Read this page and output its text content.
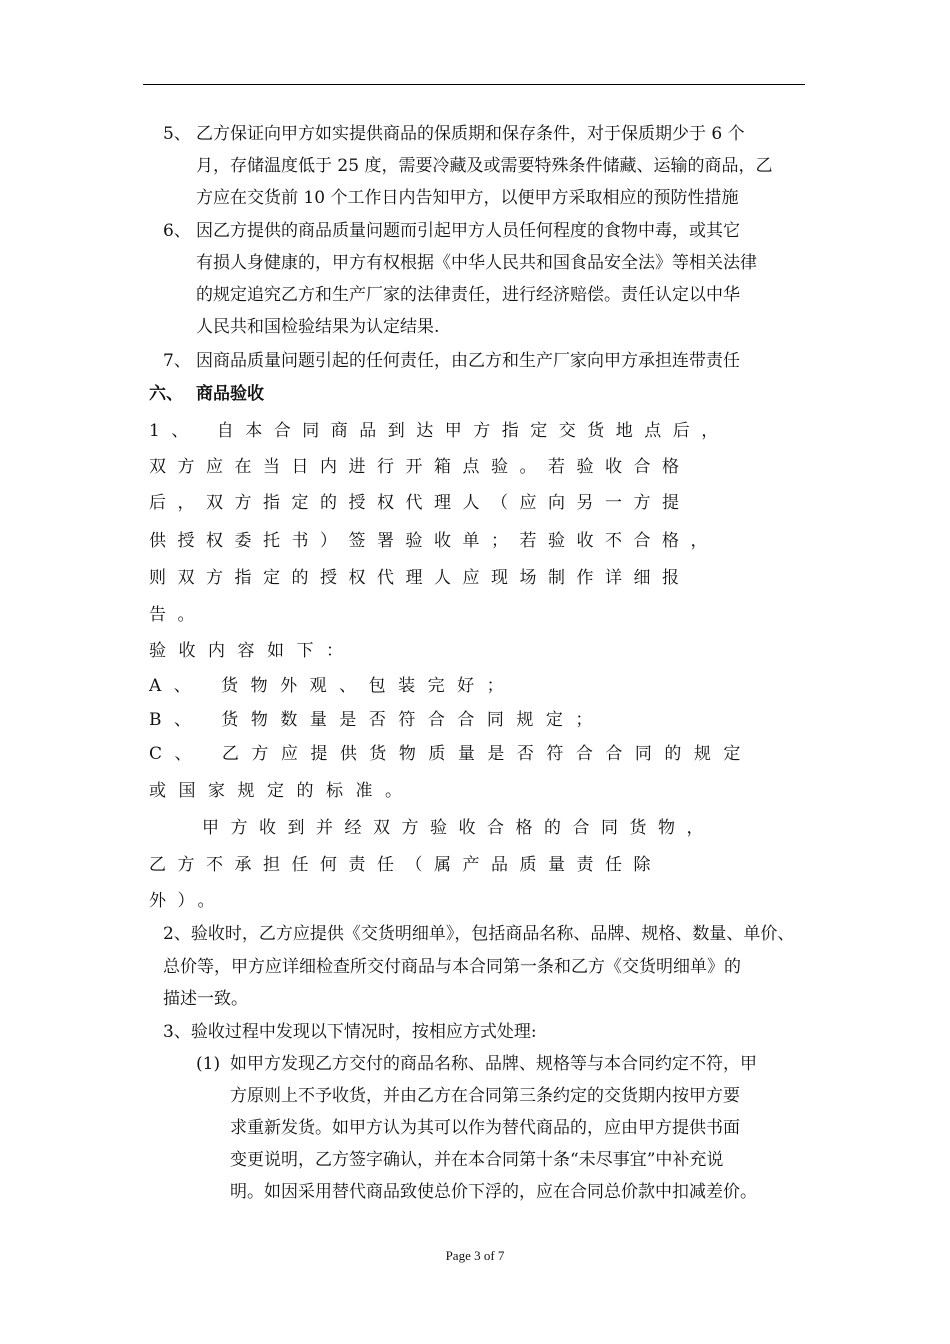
5、 乙方保证向甲方如实提供商品的保质期和保存条件，对于保质期少于 6 个
月，存储温度低于 25 度，需要冷藏及或需要特殊条件储藏、运输的商品，乙
方应在交货前 10 个工作日内告知甲方，以便甲方采取相应的预防性措施
6、 因乙方提供的商品质量问题而引起甲方人员任何程度的食物中毒，或其它
有损人身健康的，甲方有权根据《中华人民共和国食品安全法》等相关法律
的规定追究乙方和生产厂家的法律责任，进行经济赔偿。责任认定以中华
人民共和国检验结果为认定结果.
7、 因商品质量问题引起的任何责任，由乙方和生产厂家向甲方承担连带责任
六、 商品验收
1、 自本合同商品到达甲方指定交货地点后，
双方应在当日内进行开箱点验。若验收合格
后，双方指定的授权代理人（应向另一方提
供授权委托书）签署验收单；若验收不合格，
则双方指定的授权代理人应现场制作详细报
告。
验收内容如下：
A、 货物外观、包装完好；
B、 货物数量是否符合合同规定；
C、 乙方应提供货物质量是否符合合同的规定
或国家规定的标准。
甲方收到并经双方验收合格的合同货物，
乙方不承担任何责任（属产品质量责任除
外）。
2、验收时，乙方应提供《交货明细单》，包括商品名称、品牌、规格、数量、单价、
总价等，甲方应详细检查所交付商品与本合同第一条和乙方《交货明细单》的
描述一致。
3、验收过程中发现以下情况时，按相应方式处理:
(1) 如甲方发现乙方交付的商品名称、品牌、规格等与本合同约定不符，甲
方原则上不予收货，并由乙方在合同第三条约定的交货期内按甲方要
求重新发货。如甲方认为其可以作为替代商品的，应由甲方提供书面
变更说明，乙方签字确认，并在本合同第十条“未尽事宜”中补充说
明。如因采用替代商品致使总价下浮的，应在合同总价款中扣减差价。
Page 3 of 7
